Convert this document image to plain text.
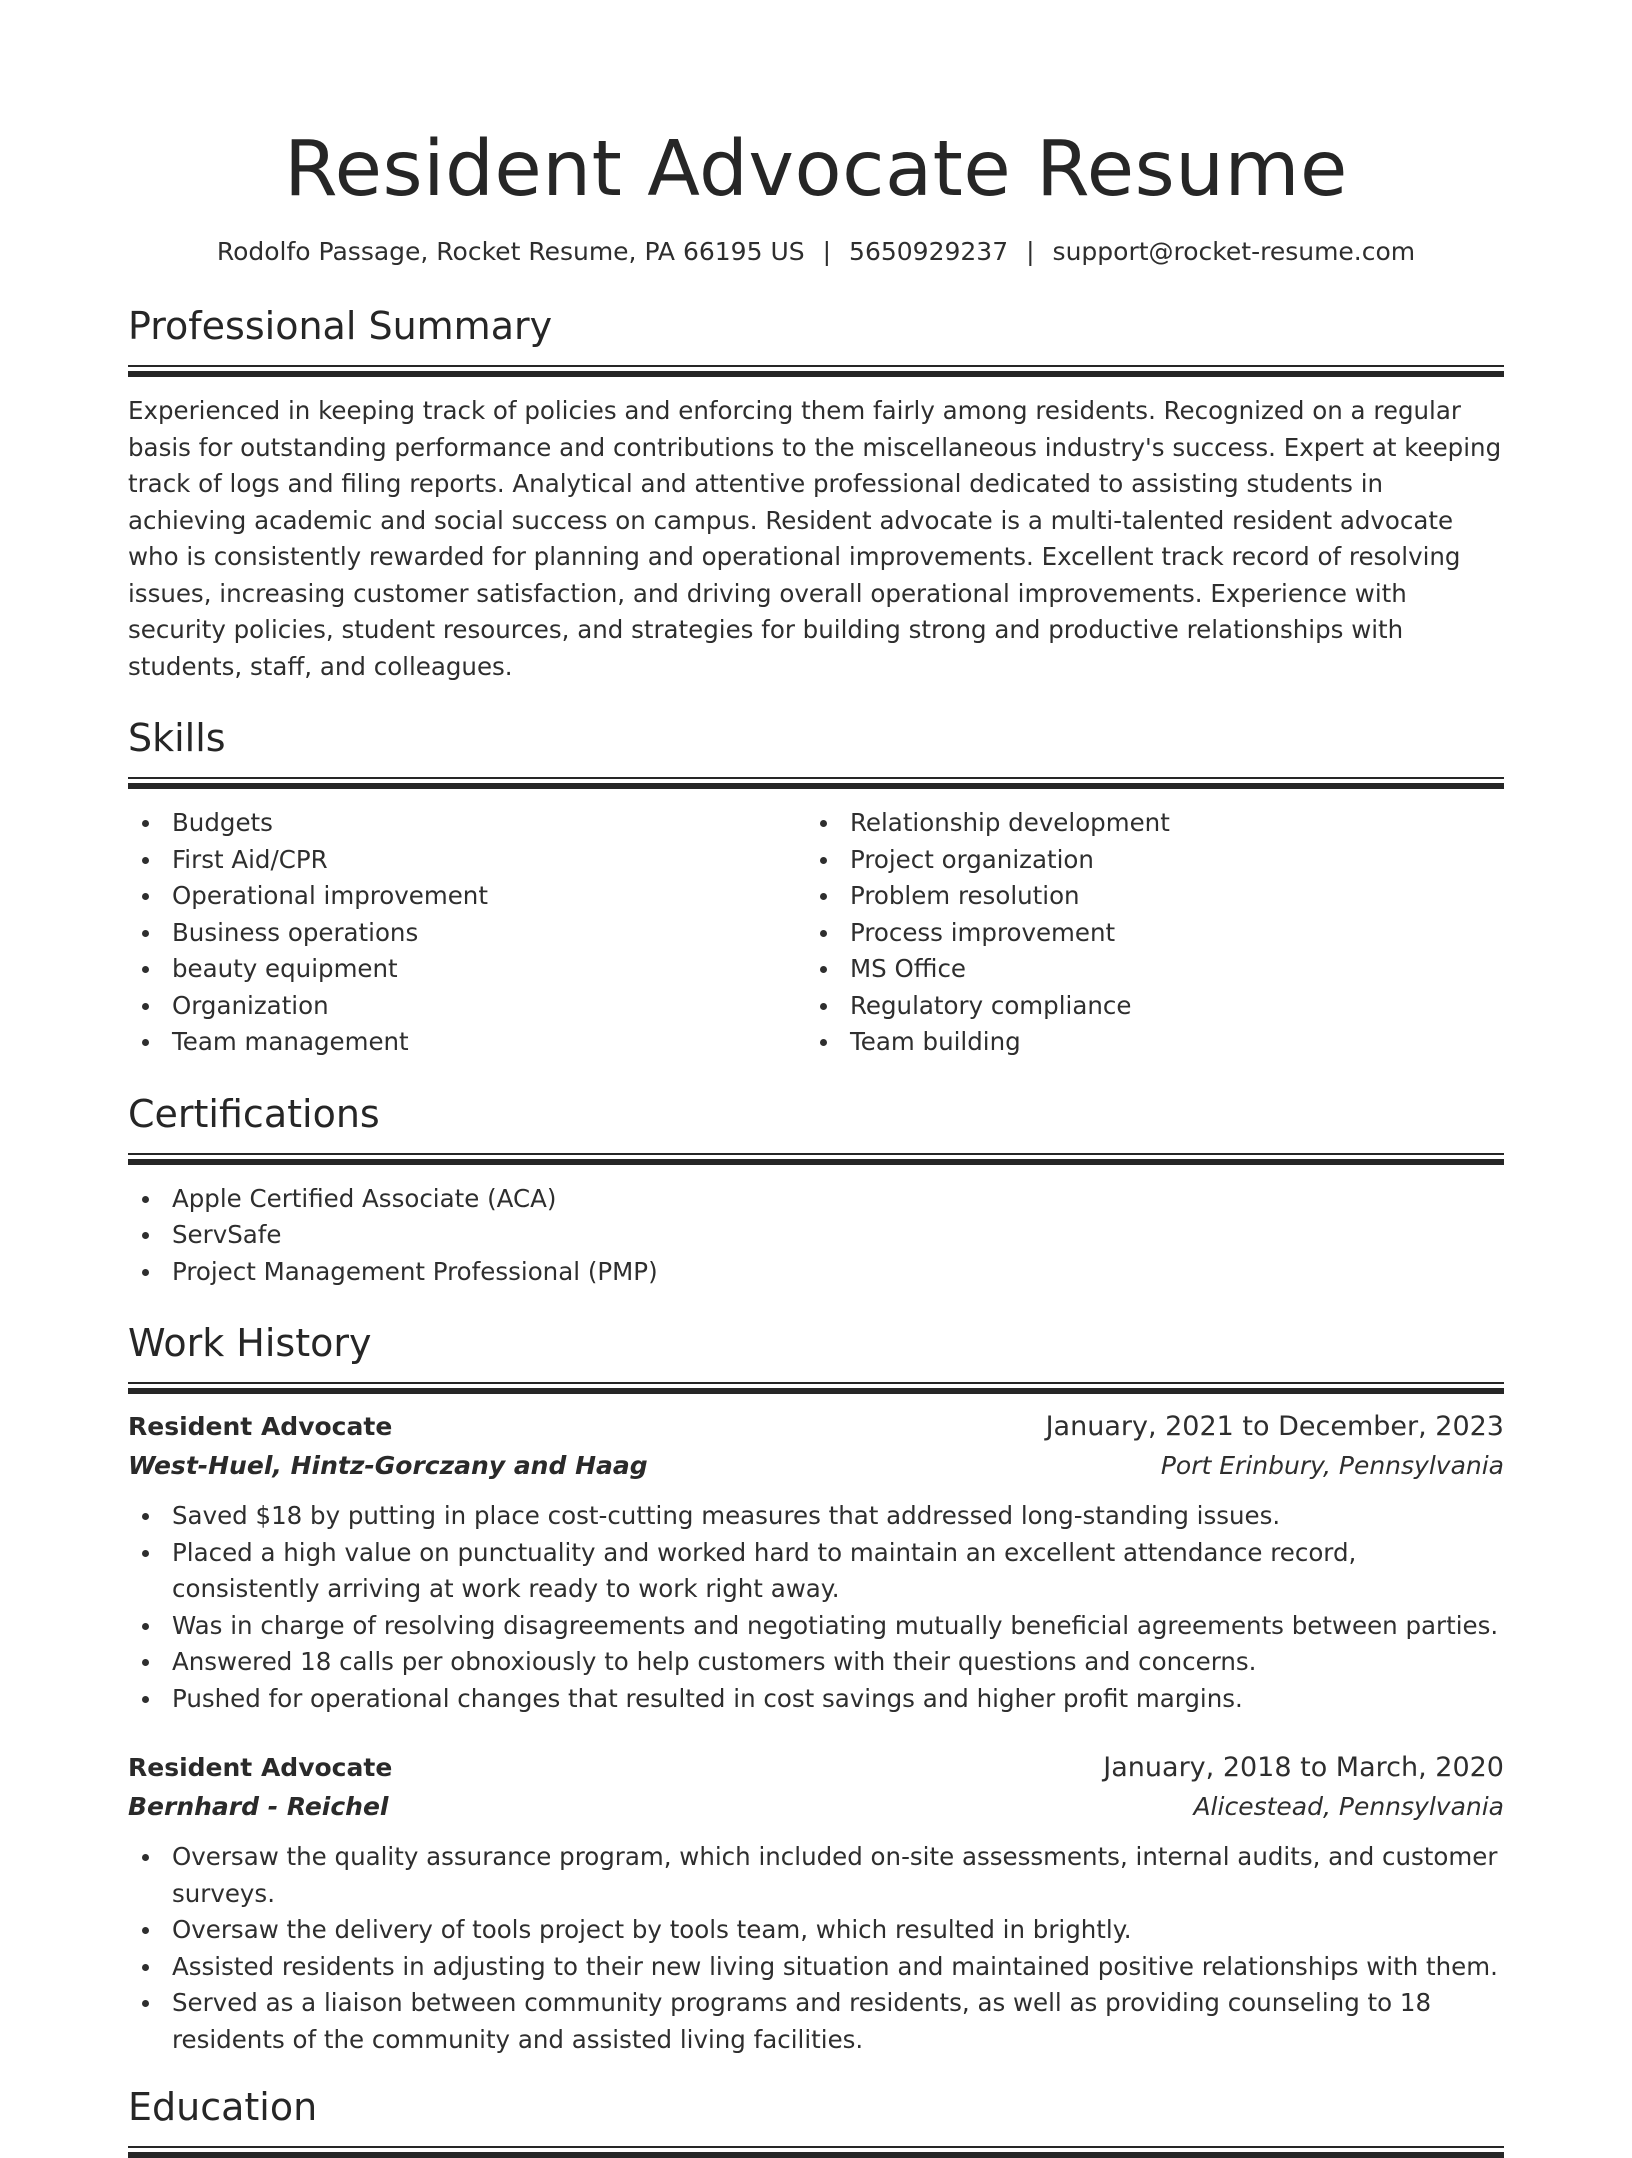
Resident Advocate Resume
Rodolfo Passage, Rocket Resume, PA 66195 US | 5650929237 | support@rocket-resume.com
Professional Summary

Experienced in keeping track of policies and enforcing them fairly among residents. Recognized on a regular basis for outstanding performance and contributions to the miscellaneous industry's success. Expert at keeping track of logs and filing reports. Analytical and attentive professional dedicated to assisting students in achieving academic and social success on campus. Resident advocate is a multi-talented resident advocate who is consistently rewarded for planning and operational improvements. Excellent track record of resolving issues, increasing customer satisfaction, and driving overall operational improvements. Experience with security policies, student resources, and strategies for building strong and productive relationships with students, staff, and colleagues.

Skills
Budgets
First Aid/CPR
Operational improvement
Business operations
beauty equipment
Organization
Team management
Relationship development
Project organization
Problem resolution
Process improvement
MS Office
Regulatory compliance
Team building
Certifications
Apple Certified Associate (ACA)
ServSafe
Project Management Professional (PMP)
Work History
Resident Advocate	January, 2021 to December, 2023
West-Huel, Hintz-Gorczany and Haag	Port Erinbury, Pennsylvania
Saved $18 by putting in place cost-cutting measures that addressed long-standing issues.
Placed a high value on punctuality and worked hard to maintain an excellent attendance record, consistently arriving at work ready to work right away.
Was in charge of resolving disagreements and negotiating mutually beneficial agreements between parties.
Answered 18 calls per obnoxiously to help customers with their questions and concerns.
Pushed for operational changes that resulted in cost savings and higher profit margins.
Resident Advocate	January, 2018 to March, 2020
Bernhard - Reichel	Alicestead, Pennsylvania
Oversaw the quality assurance program, which included on-site assessments, internal audits, and customer surveys.
Oversaw the delivery of tools project by tools team, which resulted in brightly.
Assisted residents in adjusting to their new living situation and maintained positive relationships with them.
Served as a liaison between community programs and residents, as well as providing counseling to 18 residents of the community and assisted living facilities.
Education
